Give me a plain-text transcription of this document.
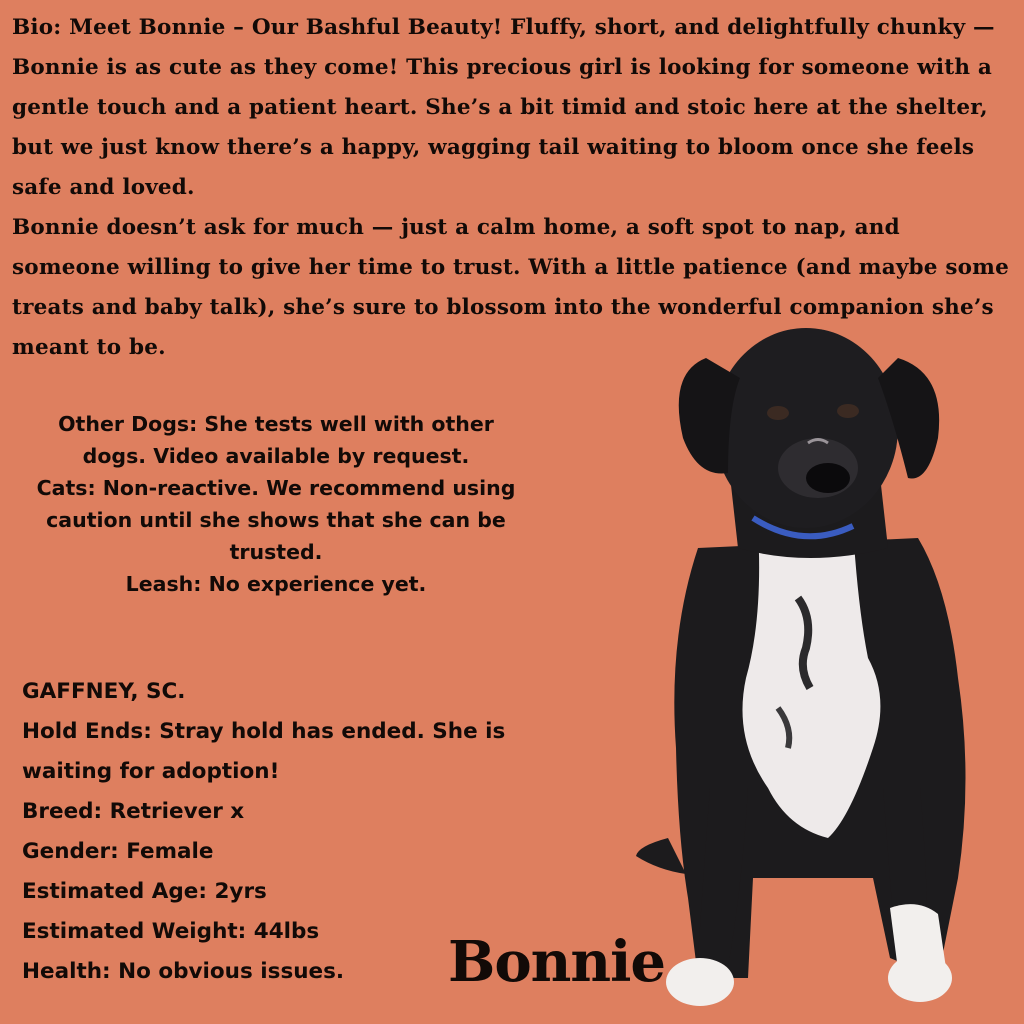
Bio: Meet Bonnie – Our Bashful Beauty! Fluffy, short, and delightfully chunky — Bonnie is as cute as they come! This precious girl is looking for someone with a gentle touch and a patient heart. She’s a bit timid and stoic here at the shelter, but we just know there’s a happy, wagging tail waiting to bloom once she feels safe and loved.

Bonnie doesn’t ask for much — just a calm home, a soft spot to nap, and someone willing to give her time to trust. With a little patience (and maybe some treats and baby talk), she’s sure to blossom into the wonderful companion she’s meant to be.

Other Dogs: She tests well with other dogs. Video available by request.

Cats: Non-reactive. We recommend using caution until she shows that she can be trusted.

Leash: No experience yet.

GAFFNEY, SC.

Hold Ends: Stray hold has ended. She is waiting for adoption!

Breed: Retriever x

Gender: Female

Estimated Age: 2yrs

Estimated Weight: 44lbs

Health: No obvious issues.	Bonnie
